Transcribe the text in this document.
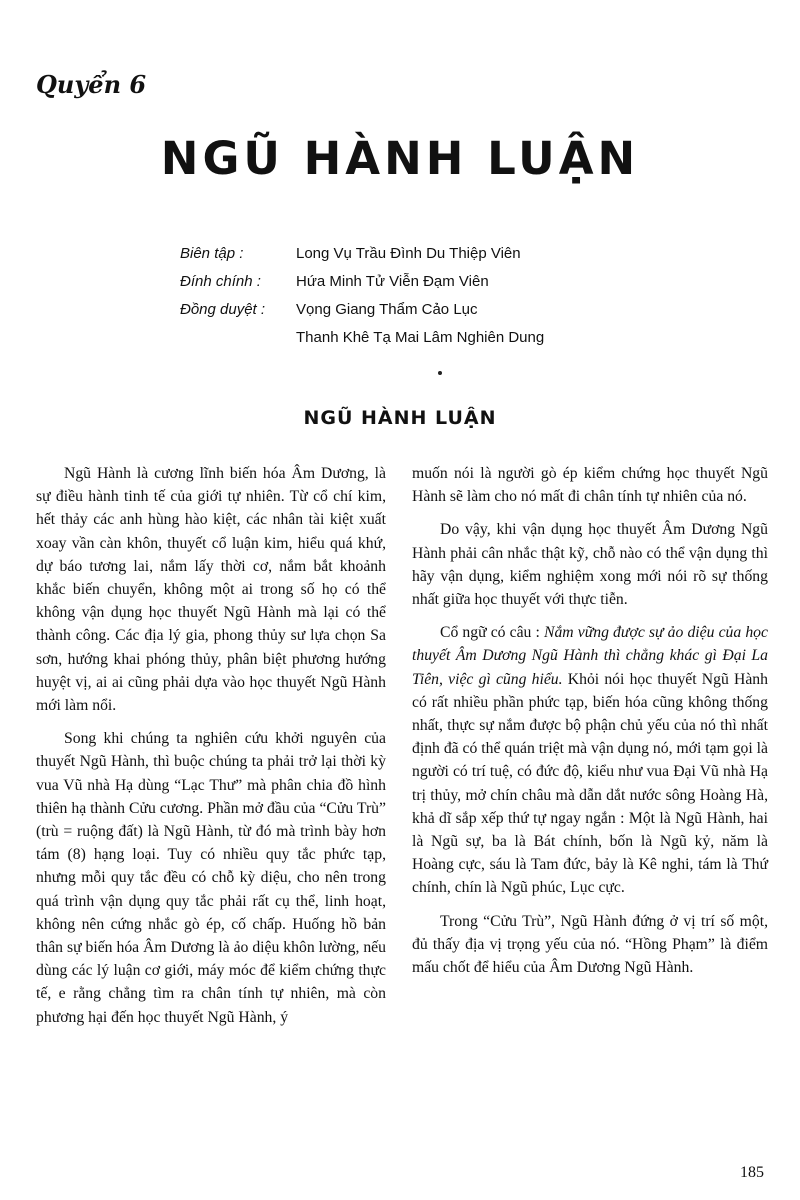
Quyển 6
NGŨ HÀNH LUẬN
Biên tập :	Long Vụ Trầu Đình Du Thiệp Viên
Đính chính :	Hứa Minh Tử Viễn Đạm Viên
Đồng duyệt :	Vọng Giang Thẩm Cảo Lục
Thanh Khê Tạ Mai Lâm Nghiên Dung
NGŨ HÀNH LUẬN

Ngũ Hành là cương lĩnh biến hóa Âm Dương, là sự điều hành tinh tế của giới tự nhiên. Từ cổ chí kim, hết thảy các anh hùng hào kiệt, các nhân tài kiệt xuất xoay vần càn khôn, thuyết cổ luận kim, hiểu quá khứ, dự báo tương lai, nắm lấy thời cơ, nắm bắt khoảnh khắc biến chuyển, không một ai trong số họ có thể không vận dụng học thuyết Ngũ Hành mà lại có thể thành công. Các địa lý gia, phong thủy sư lựa chọn Sa sơn, hướng khai phóng thủy, phân biệt phương hướng huyệt vị, ai ai cũng phải dựa vào học thuyết Ngũ Hành mới làm nổi.

Song khi chúng ta nghiên cứu khởi nguyên của thuyết Ngũ Hành, thì buộc chúng ta phải trở lại thời kỳ vua Vũ nhà Hạ dùng “Lạc Thư” mà phân chia đồ hình thiên hạ thành Cửu cương. Phần mở đầu của “Cửu Trù” (trù = ruộng đất) là Ngũ Hành, từ đó mà trình bày hơn tám (8) hạng loại. Tuy có nhiều quy tắc phức tạp, nhưng mỗi quy tắc đều có chỗ kỳ diệu, cho nên trong quá trình vận dụng quy tắc phải rất cụ thể, linh hoạt, không nên cứng nhắc gò ép, cố chấp. Huống hồ bản thân sự biến hóa Âm Dương là ảo diệu khôn lường, nếu dùng các lý luận cơ giới, máy móc để kiểm chứng thực tế, e rằng chẳng tìm ra chân tính tự nhiên, mà còn phương hại đến học thuyết Ngũ Hành, ý

muốn nói là người gò ép kiểm chứng học thuyết Ngũ Hành sẽ làm cho nó mất đi chân tính tự nhiên của nó.

Do vậy, khi vận dụng học thuyết Âm Dương Ngũ Hành phải cân nhắc thật kỹ, chỗ nào có thể vận dụng thì hãy vận dụng, kiểm nghiệm xong mới nói rõ sự thống nhất giữa học thuyết với thực tiễn.

Cổ ngữ có câu : Nắm vững được sự ảo diệu của học thuyết Âm Dương Ngũ Hành thì chẳng khác gì Đại La Tiên, việc gì cũng hiểu. Khỏi nói học thuyết Ngũ Hành có rất nhiều phần phức tạp, biến hóa cũng không thống nhất, thực sự nắm được bộ phận chủ yếu của nó thì nhất định đã có thể quán triệt mà vận dụng nó, mới tạm gọi là người có trí tuệ, có đức độ, kiểu như vua Đại Vũ nhà Hạ trị thủy, mở chín châu mà dẫn dắt nước sông Hoàng Hà, khả dĩ sắp xếp thứ tự ngay ngắn : Một là Ngũ Hành, hai là Ngũ sự, ba là Bát chính, bốn là Ngũ kỷ, năm là Hoàng cực, sáu là Tam đức, bảy là Kê nghi, tám là Thứ chính, chín là Ngũ phúc, Lục cực.

Trong “Cửu Trù”, Ngũ Hành đứng ở vị trí số một, đủ thấy địa vị trọng yếu của nó. “Hồng Phạm” là điểm mấu chốt để hiểu của Âm Dương Ngũ Hành.

185
